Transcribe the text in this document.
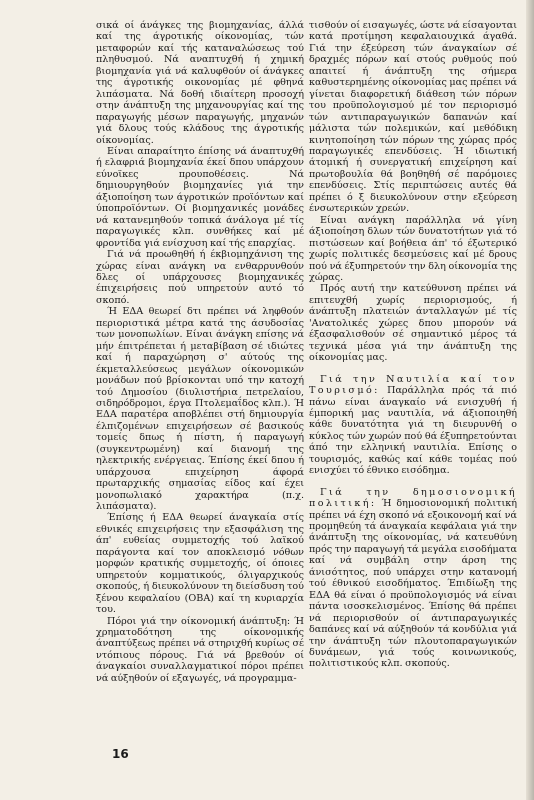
σικά οί άνάγκες της βιομηχανίας, άλλά καί της άγροτικής οίκονομίας, τών μεταφορών καί τής καταναλώσεως τού πληθυσμού. Νά αναπτυχθή ή χημική βιομηχανία γιά νά καλυφθούν οί άνάγκες της άγροτικής οικονομίας μέ φθηνά λιπάσματα. Νά δοθή ιδιαίτερη προσοχή στην άνάπτυξη της μηχανουργίας καί της παραγωγής μέσων παραγωγής, μηχανών γιά δλους τούς κλάδους της άγροτικής οίκονομίας.

Είναι απαραίτητο έπίσης νά άναπτυχθή ή ελαφριά βιομηχανία έκεί δπου υπάρχουν εύνοϊκες προυποθέσεις. Νά δημιουργηθούν βιομηχανίες γιά την άξιοποίηση των άγροτικών προϊόντων καί ύποπροϊόντων. Οί βιομηχανικές μονάδες νά κατανεμηθούν τοπικά άνάλογα μέ τίς παραγωγικές κλπ. συνθήκες καί μέ φροντίδα γιά ενίσχυση καί τής επαρχίας.

Γιά νά προωθηθή ή έκβιομηχάνιση της χώρας είναι ανάγκη να ενθαρρυνθούν δλες οί υπάρχουσες βιομηχανικές έπιχειρήσεις πού υπηρετούν αυτό τό σκοπό.

Ή ΕΔΑ θεωρεί δτι πρέπει νά ληφθούν περιοριστικά μέτρα κατά της άσυδοσίας των μονοπωλίων. Είναι άνάγκη επίσης νά μήν έπιτρέπεται ή μεταβίβαση σέ ιδιώτες καί ή παραχώρηση σ' αύτούς της έκμεταλλεύσεως μεγάλων οίκονομικών μονάδων πού βρίσκονται υπό την κατοχή τού Δημοσίου (διυλιστήρια πετρελαίου, σιδηρόδρομοι, έργα Πτολεμαΐδος κλπ.). Ή ΕΔΑ παρατέρα αποβλέπει στή δημιουργία έλπιζομένων επιχειρήσεων σέ βασικούς τομείς δπως ή πίστη, ή παραγωγή (συγκεντρωμένη) καί διανομή της ηλεκτρικής ενέργειας. Έπίσης έκεί δπου ή υπάρχουσα επιχείρηση άφορά πρωταρχικής σημασίας είδος καί έχει μονοπωλιακό χαρακτήρα (π.χ. λιπάσματα).

Έπίσης ή ΕΔΑ θεωρεί άναγκαία στίς εθνικές επιχειρήσεις την εξασφάλιση της άπ' ευθείας συμμετοχής τού λαϊκού παράγοντα καί τον αποκλεισμό νόθων μορφών κρατικής συμμετοχής, οί όποιες υπηρετούν κομματικούς, όλιγαρχικούς σκοπούς, ή διευκολύνουν τη διείσδυση τού ξένου κεφαλαίου (ΟΒΑ) καί τη κυριαρχία του.

Πόροι γιά την οίκονομική άνάπτυξη: Ή χρηματοδότηση της οίκονομικής άναπτύξεως πρέπει νά στηριχθή κυρίως σέ ντόπιους πόρους. Γιά νά βρεθούν οί άναγκαίοι συναλλαγματικοί πόροι πρέπει νά αύξηθούν οί εξαγωγές, νά προγραμμα-

τισθούν οί εισαγωγές, ώστε νά είσαγονται κατά προτίμηση κεφαλαιουχικά άγαθά. Γιά την έξεύρεση τών άναγκαίων σέ δραχμές πόρων καί στούς ρυθμούς πού απαιτεί ή άνάπτυξη της σήμερα καθυστερημένης οίκονομίας μας πρέπει νά γίνεται διαφορετική διάθεση τών πόρων του προϋπολογισμού μέ τον περιορισμό τών αντιπαραγωγικών δαπανών καί μάλιστα τών πολεμικών, καί μεθόδικη κινητοποίηση τών πόρων της χώρας πρός παραγωγικές επενδύσεις. Ή ιδιωτική άτομική ή συνεργατική επιχείρηση καί πρωτοβουλία θά βοηθηθή σέ παρόμοιες επενδύσεις. Στίς περιπτώσεις αυτές θά πρέπει ό ξ διευκολύνουν στην εξεύρεση ένσωτερικών χρεών.

Είναι ανάγκη παράλληλα νά γίνη άξιοποίηση δλων τών δυνατοτήτων γιά τό πιστώσεων καί βοήθεια άπ' τό έξωτερικό χωρίς πολιτικές δεσμεύσεις καί μέ δρους πού νά έξυπηρετούν την δλη οίκονομία της χώρας.

Πρός αυτή την κατεύθυνση πρέπει νά επιτευχθή χωρίς περιορισμούς, ή άνάπτυξη πλατειών άνταλλαγών μέ τίς 'Ανατολικές χώρες δπου μπορούν νά έξασφαλισθούν σέ σημαντικό μέρος τά τεχνικά μέσα γιά την άνάπτυξη της οίκονομίας μας.

Γιά την Ναυτιλία καί τον Τουρισμό: Παράλληλα πρός τά πιό πάνω είναι άναγκαίο νά ενισχυθή ή έμπορική μας ναυτιλία, νά άξιοποιηθή κάθε δυνατότητα γιά τη διευρυνθή ο κύκλος τών χωρών πού θά έξυπηρετούνται άπό την ελληνική ναυτιλία. Επίσης ο τουρισμός, καθώς καί κάθε τομέας πού ενισχύει τό έθνικο εισόδημα.

Γιά την δημοσιονομική πολιτική: Ή δημοσιονομική πολιτική πρέπει νά έχη σκοπό νά εξοικονομή καί νά προμηθεύη τά άναγκαία κεφάλαια γιά την άνάπτυξη της οίκονομίας, νά κατευθύνη πρός την παραγωγή τά μεγάλα εισοδήματα καί νά συμβάλη στην άρση της άνισότητος, πού υπάρχει στην κατανομή τού έθνικού εισοδήματος. Έπιδίωξη της ΕΔΑ θά είναι ό προϋπολογισμός νά είναι πάντα ισοσκελισμένος. Έπίσης θά πρέπει νά περιορισθούν οί άντιπαραγωγικές δαπάνες καί νά αύξηθούν τά κονδύλια γιά την άνάπτυξη τών πλουτοπαραγωγικών δυνάμεων, γιά τούς κοινωνικούς, πολιτιστικούς κλπ. σκοπούς.

16
